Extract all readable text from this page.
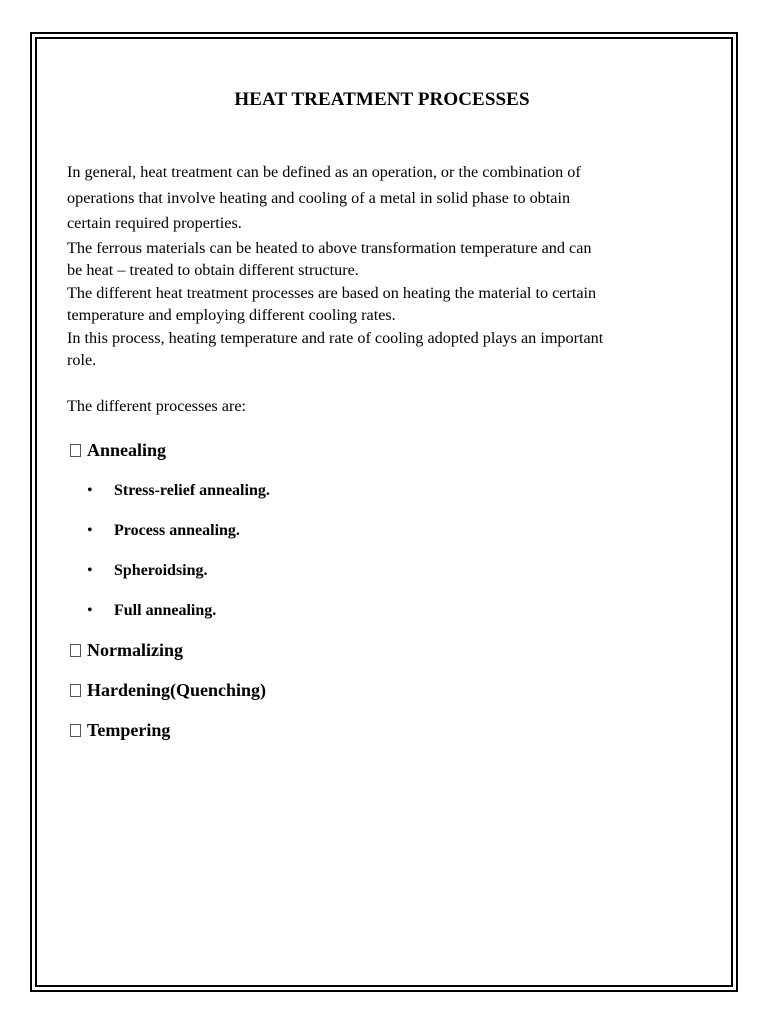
HEAT TREATMENT PROCESSES

In general, heat treatment can be defined as an operation, or the combination of
operations that involve heating and cooling of a metal in solid phase to obtain
certain required properties.

The ferrous materials can be heated to above transformation temperature and can
be heat – treated to obtain different structure.

The different heat treatment processes are based on heating the material to certain
temperature and employing different cooling rates.

In this process, heating temperature and rate of cooling adopted plays an important
role.

The different processes are:
Annealing
• Stress-relief annealing.
• Process annealing.
• Spheroidsing.
• Full annealing.
Normalizing
Hardening(Quenching)
Tempering
